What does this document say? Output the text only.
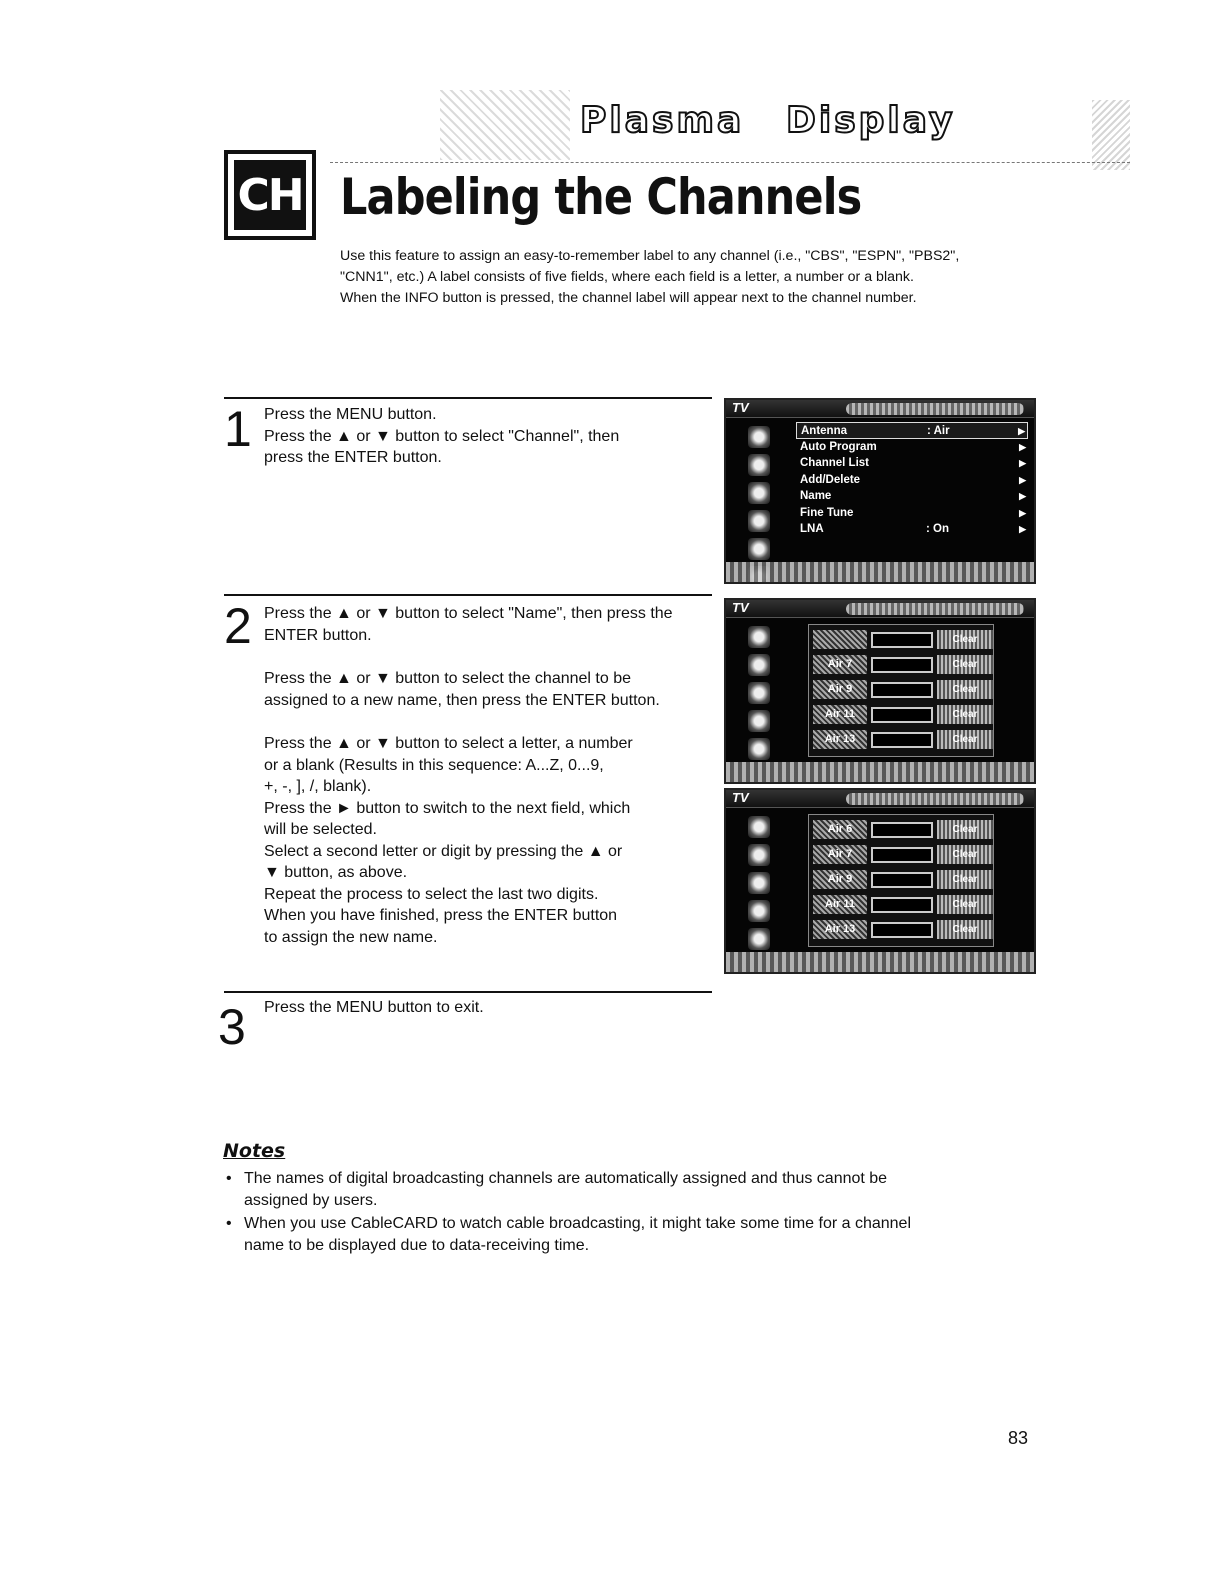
Plasma Display
CH Labeling the Channels
Use this feature to assign an easy-to-remember label to any channel (i.e., "CBS", "ESPN", "PBS2",
"CNN1", etc.) A label consists of five fields, where each field is a letter, a number or a blank.
When the INFO button is pressed, the channel label will appear next to the channel number.
1 Press the MENU button.

Press the ▲ or ▼ button to select "Channel", then

press the ENTER button.

TV
Antenna	: Air	▶
Auto Program	▶
Channel List	▶
Add/Delete	▶
Name	▶
Fine Tune	▶
LNA	: On	▶
2 Press the ▲ or ▼ button to select "Name", then press the

ENTER button.

Press the ▲ or ▼ button to select the channel to be

assigned to a new name, then press the ENTER button.

Press the ▲ or ▼ button to select a letter, a number

or a blank (Results in this sequence: A...Z, 0...9,

+, -, ], /, blank).

Press the ► button to switch to the next field, which

will be selected.

Select a second letter or digit by pressing the ▲ or

▼ button, as above.

Repeat the process to select the last two digits.

When you have finished, press the ENTER button

to assign the new name.

TV
Clear
Air 7	Clear
Air 9	Clear
Air 11	Clear
Air 13	Clear
TV
Air 6	Clear
Air 7	Clear
Air 9	Clear
Air 11	Clear
Air 13	Clear
3 Press the MENU button to exit.

Notes
• The names of digital broadcasting channels are automatically assigned and thus cannot be
assigned by users.
• When you use CableCARD to watch cable broadcasting, it might take some time for a channel
name to be displayed due to data-receiving time.
83
